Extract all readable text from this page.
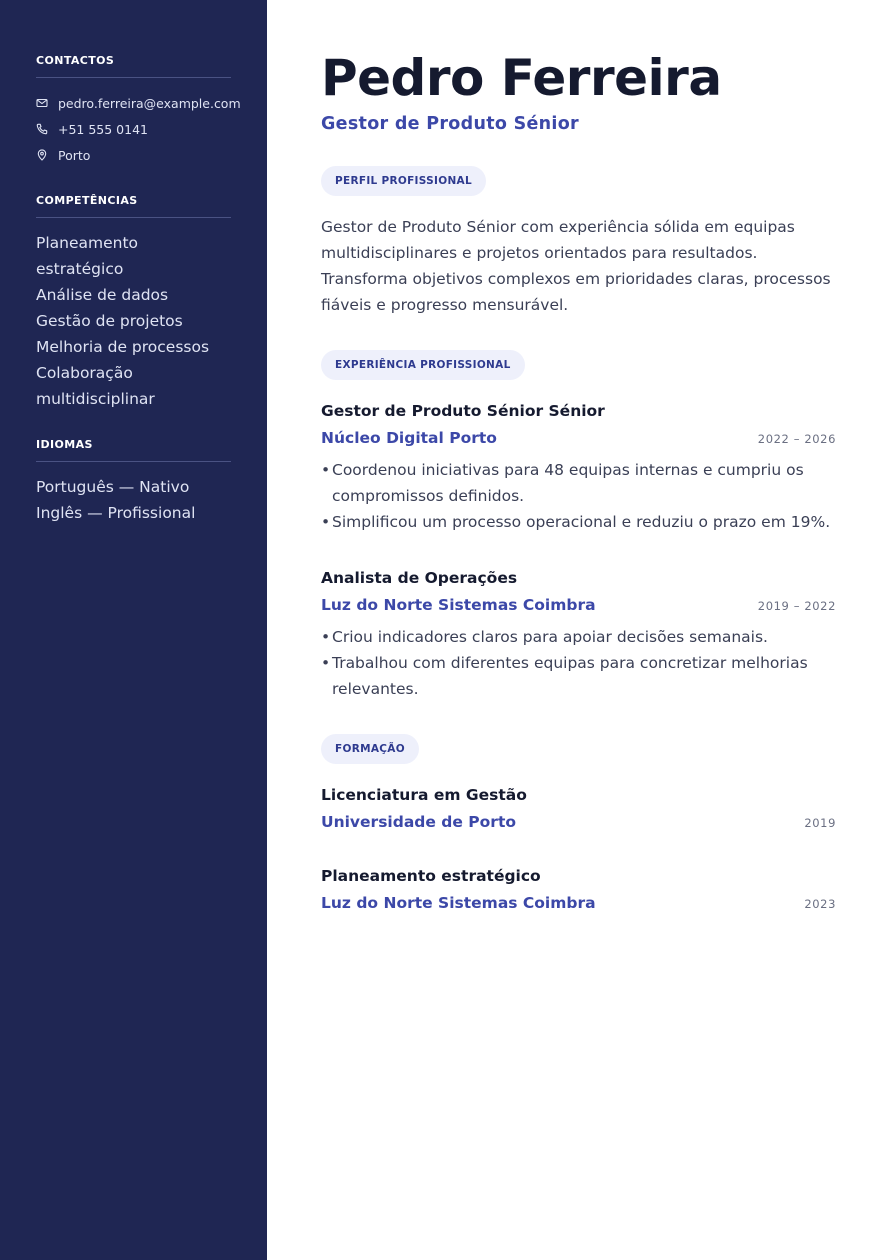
CONTACTOS
pedro.ferreira@example.com
+51 555 0141
Porto
COMPETÊNCIAS
Planeamento estratégico
Análise de dados
Gestão de projetos
Melhoria de processos
Colaboração multidisciplinar
IDIOMAS
Português — Nativo
Inglês — Profissional
Pedro Ferreira
Gestor de Produto Sénior
PERFIL PROFISSIONAL

Gestor de Produto Sénior com experiência sólida em equipas multidisciplinares e projetos orientados para resultados. Transforma objetivos complexos em prioridades claras, processos fiáveis e progresso mensurável.

EXPERIÊNCIA PROFISSIONAL
Gestor de Produto Sénior Sénior
Núcleo Digital Porto	2022 – 2026
• Coordenou iniciativas para 48 equipas internas e cumpriu os compromissos definidos.
• Simplificou um processo operacional e reduziu o prazo em 19%.
Analista de Operações
Luz do Norte Sistemas Coimbra	2019 – 2022
• Criou indicadores claros para apoiar decisões semanais.
• Trabalhou com diferentes equipas para concretizar melhorias relevantes.
FORMAÇÃO
Licenciatura em Gestão
Universidade de Porto	2019
Planeamento estratégico
Luz do Norte Sistemas Coimbra	2023
